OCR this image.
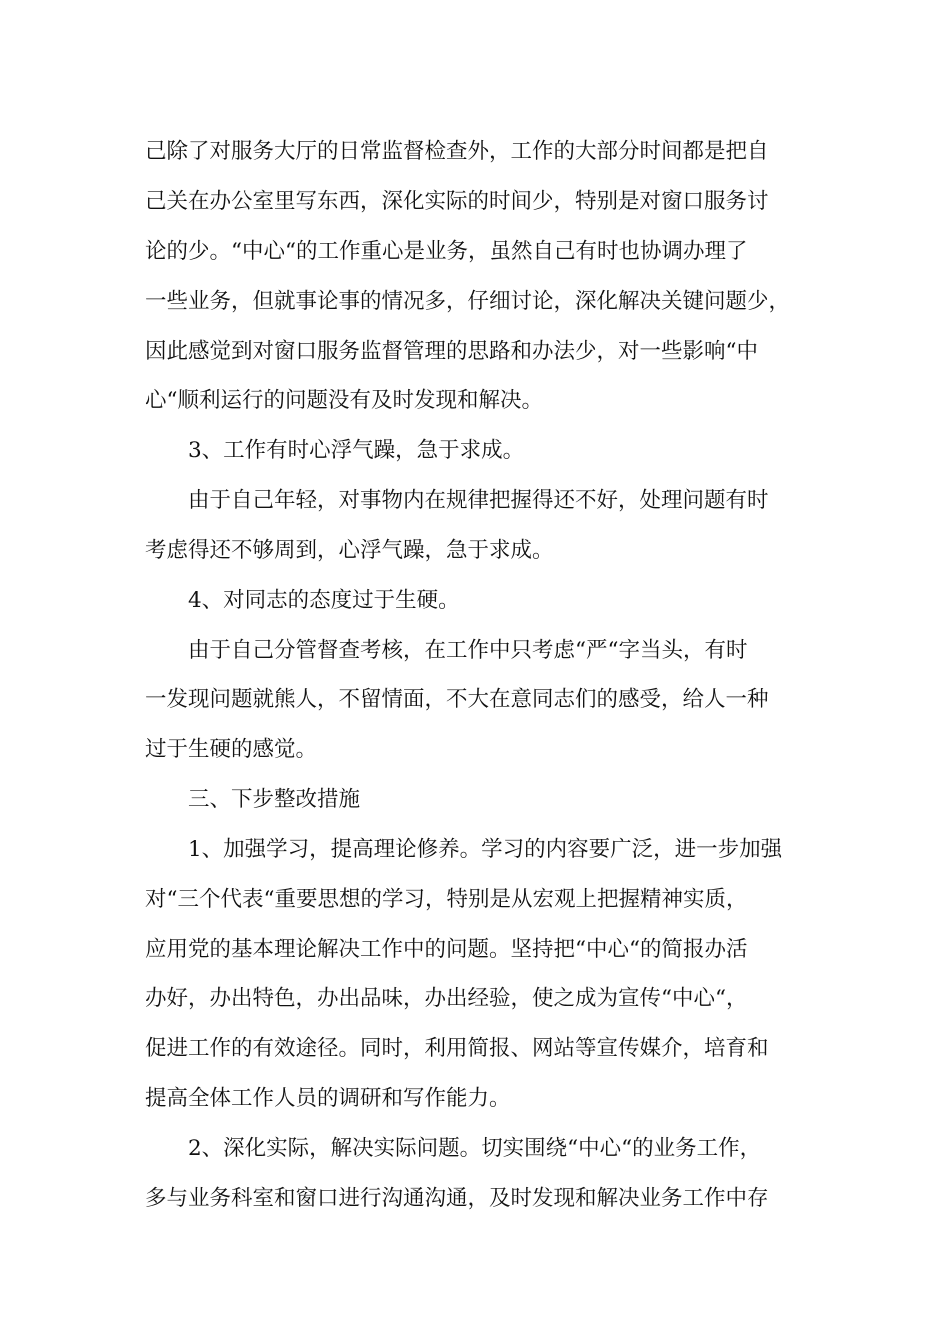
己除了对服务大厅的日常监督检查外，工作的大部分时间都是把自
己关在办公室里写东西，深化实际的时间少，特别是对窗口服务讨
论的少。“中心“的工作重心是业务，虽然自己有时也协调办理了
一些业务，但就事论事的情况多，仔细讨论，深化解决关键问题少，
因此感觉到对窗口服务监督管理的思路和办法少，对一些影响“中
心“顺利运行的问题没有及时发现和解决。
3、工作有时心浮气躁，急于求成。
由于自己年轻，对事物内在规律把握得还不好，处理问题有时
考虑得还不够周到，心浮气躁，急于求成。
4、对同志的态度过于生硬。
由于自己分管督查考核，在工作中只考虑“严“字当头，有时
一发现问题就熊人，不留情面，不大在意同志们的感受，给人一种
过于生硬的感觉。
三、下步整改措施
1、加强学习，提高理论修养。学习的内容要广泛，进一步加强
对“三个代表“重要思想的学习，特别是从宏观上把握精神实质，
应用党的基本理论解决工作中的问题。坚持把“中心“的简报办活
办好，办出特色，办出品味，办出经验，使之成为宣传“中心“，
促进工作的有效途径。同时，利用简报、网站等宣传媒介，培育和
提高全体工作人员的调研和写作能力。
2、深化实际，解决实际问题。切实围绕“中心“的业务工作，
多与业务科室和窗口进行沟通沟通，及时发现和解决业务工作中存
